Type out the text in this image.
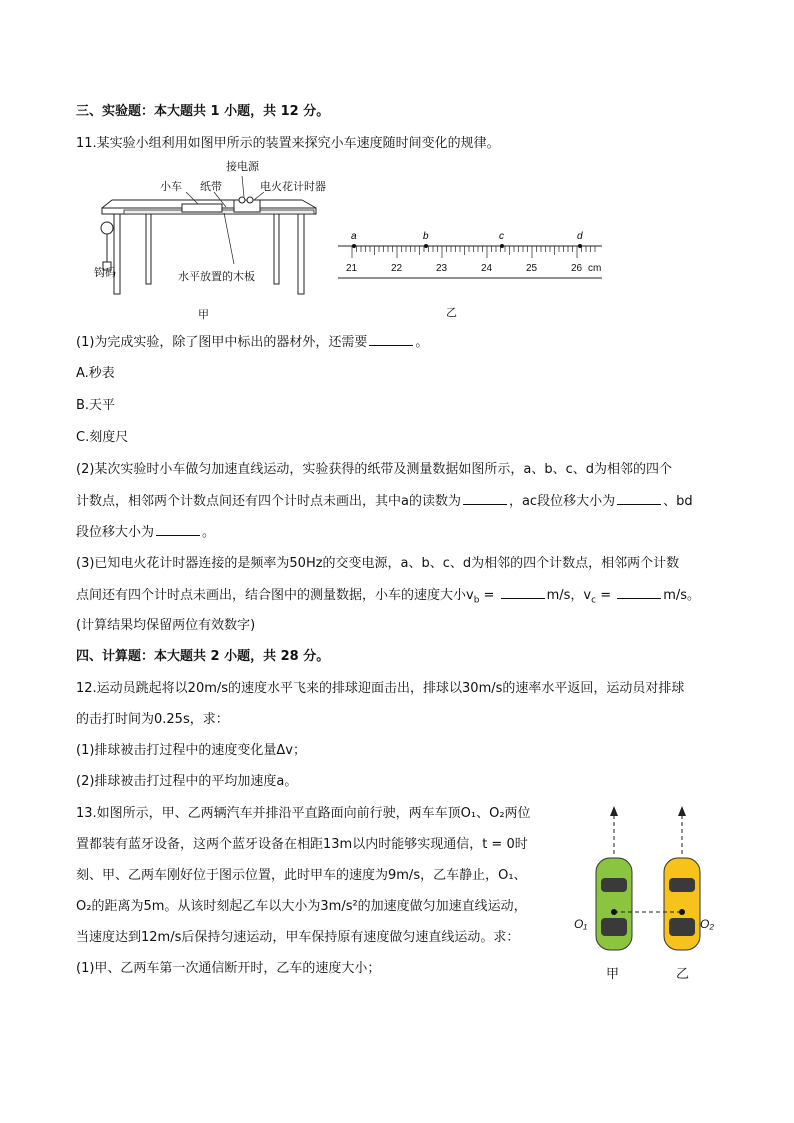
三、实验题：本大题共 1 小题，共 12 分。
11.某实验小组利用如图甲所示的装置来探究小车速度随时间变化的规律。
接电源
小车 纸带	电火花计时器
钩码	水平放置的木板
甲
a	b	c	d
21	22	23	24	25	26 cm
乙
(1)为完成实验，除了图甲中标出的器材外，还需要	。
A.秒表
B.天平
C.刻度尺
(2)某次实验时小车做匀加速直线运动，实验获得的纸带及测量数据如图所示，a、b、c、d为相邻的四个
计数点，相邻两个计数点间还有四个计时点未画出，其中a的读数为	，ac段位移大小为	、bd
段位移大小为	。
(3)已知电火花计时器连接的是频率为50Hz的交变电源，a、b、c、d为相邻的四个计数点，相邻两个计数
点间还有四个计时点未画出，结合图中的测量数据，小车的速度大小$v_b$ =	m/s，$v_c$ =	m/s。
(计算结果均保留两位有效数字)
四、计算题：本大题共 2 小题，共 28 分。
12.运动员跳起将以20m/s的速度水平飞来的排球迎面击出，排球以30m/s的速率水平返回，运动员对排球
的击打时间为0.25s，求：
(1)排球被击打过程中的速度变化量Δv；
(2)排球被击打过程中的平均加速度a。
13.如图所示，甲、乙两辆汽车并排沿平直路面向前行驶，两车车顶O₁、O₂两位
置都装有蓝牙设备，这两个蓝牙设备在相距13m以内时能够实现通信，t = 0时
刻、甲、乙两车刚好位于图示位置，此时甲车的速度为9m/s，乙车静止，O₁、
O₂的距离为5m。从该时刻起乙车以大小为3m/s²的加速度做匀加速直线运动，
当速度达到12m/s后保持匀速运动，甲车保持原有速度做匀速直线运动。求：
(1)甲、乙两车第一次通信断开时，乙车的速度大小；
O₁	O₂
甲	乙
